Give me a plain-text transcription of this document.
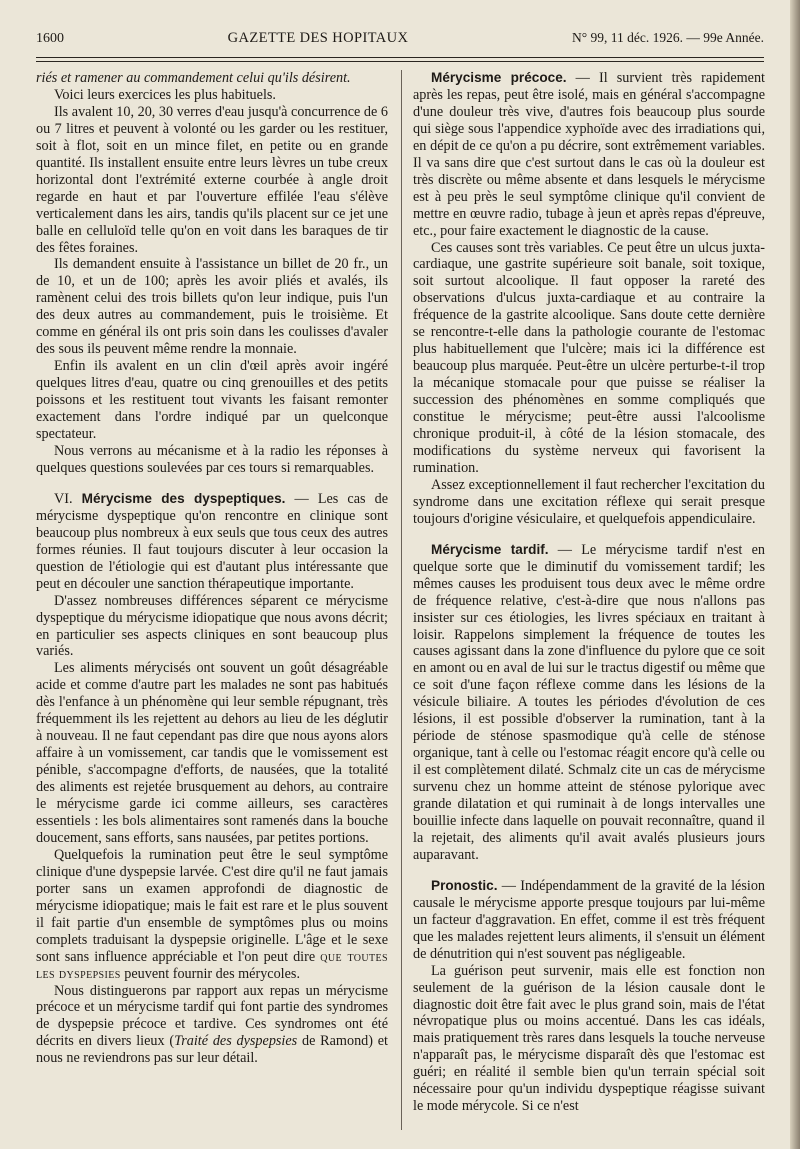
1600	GAZETTE DES HOPITAUX	N° 99, 11 déc. 1926. — 99e Année.

riés et ramener au commandement celui qu'ils désirent.

Voici leurs exercices les plus habituels.

Ils avalent 10, 20, 30 verres d'eau jusqu'à concurrence de 6 ou 7 litres et peuvent à volonté ou les garder ou les restituer, soit à flot, soit en un mince filet, en petite ou en grande quantité. Ils installent ensuite entre leurs lèvres un tube creux horizontal dont l'extrémité externe courbée à angle droit regarde en haut et par l'ouverture effilée l'eau s'élève verticalement dans les airs, tandis qu'ils placent sur ce jet une balle en celluloïd telle qu'on en voit dans les baraques de tir des fêtes foraines.

Ils demandent ensuite à l'assistance un billet de 20 fr., un de 10, et un de 100; après les avoir pliés et avalés, ils ramènent celui des trois billets qu'on leur indique, puis l'un des deux autres au commandement, puis le troisième. Et comme en général ils ont pris soin dans les coulisses d'avaler des sous ils peuvent même rendre la monnaie.

Enfin ils avalent en un clin d'œil après avoir ingéré quelques litres d'eau, quatre ou cinq grenouilles et des petits poissons et les restituent tout vivants les faisant remonter exactement dans l'ordre indiqué par un quelconque spectateur.

Nous verrons au mécanisme et à la radio les réponses à quelques questions soulevées par ces tours si remarquables.

VI. Mérycisme des dyspeptiques. — Les cas de mérycisme dyspeptique qu'on rencontre en clinique sont beaucoup plus nombreux à eux seuls que tous ceux des autres formes réunies. Il faut toujours discuter à leur occasion la question de l'étiologie qui est d'autant plus intéressante que peut en découler une sanction thérapeutique importante.

D'assez nombreuses différences séparent ce mérycisme dyspeptique du mérycisme idiopatique que nous avons décrit; en particulier ses aspects cliniques en sont beaucoup plus variés.

Les aliments mérycisés ont souvent un goût désagréable acide et comme d'autre part les malades ne sont pas habitués dès l'enfance à un phénomène qui leur semble répugnant, très fréquemment ils les rejettent au dehors au lieu de les déglutir à nouveau. Il ne faut cependant pas dire que nous ayons alors affaire à un vomissement, car tandis que le vomissement est pénible, s'accompagne d'efforts, de nausées, que la totalité des aliments est rejetée brusquement au dehors, au contraire le mérycisme garde ici comme ailleurs, ses caractères essentiels : les bols alimentaires sont ramenés dans la bouche doucement, sans efforts, sans nausées, par petites portions.

Quelquefois la rumination peut être le seul symptôme clinique d'une dyspepsie larvée. C'est dire qu'il ne faut jamais porter sans un examen approfondi de diagnostic de mérycisme idiopatique; mais le fait est rare et le plus souvent il fait partie d'un ensemble de symptômes plus ou moins complets traduisant la dyspepsie originelle. L'âge et le sexe sont sans influence appréciable et l'on peut dire que toutes les dyspepsies peuvent fournir des mérycoles.

Nous distinguerons par rapport aux repas un mérycisme précoce et un mérycisme tardif qui font partie des syndromes de dyspepsie précoce et tardive. Ces syndromes ont été décrits en divers lieux (Traité des dyspepsies de Ramond) et nous ne reviendrons pas sur leur détail.

Mérycisme précoce. — Il survient très rapidement après les repas, peut être isolé, mais en général s'accompagne d'une douleur très vive, d'autres fois beaucoup plus sourde qui siège sous l'appendice xyphoïde avec des irradiations qui, en dépit de ce qu'on a pu décrire, sont extrêmement variables. Il va sans dire que c'est surtout dans le cas où la douleur est très discrète ou même absente et dans lesquels le mérycisme est à peu près le seul symptôme clinique qu'il convient de mettre en œuvre radio, tubage à jeun et après repas d'épreuve, etc., pour faire exactement le diagnostic de la cause.

Ces causes sont très variables. Ce peut être un ulcus juxta-cardiaque, une gastrite supérieure soit banale, soit toxique, soit surtout alcoolique. Il faut opposer la rareté des observations d'ulcus juxta-cardiaque et au contraire la fréquence de la gastrite alcoolique. Sans doute cette dernière se rencontre-t-elle dans la pathologie courante de l'estomac plus habituellement que l'ulcère; mais ici la différence est beaucoup plus marquée. Peut-être un ulcère perturbe-t-il trop la mécanique stomacale pour que puisse se réaliser la succession des phénomènes en somme compliqués que constitue le mérycisme; peut-être aussi l'alcoolisme chronique produit-il, à côté de la lésion stomacale, des modifications du système nerveux qui favorisent la rumination.

Assez exceptionnellement il faut rechercher l'excitation du syndrome dans une excitation réflexe qui serait presque toujours d'origine vésiculaire, et quelquefois appendiculaire.

Mérycisme tardif. — Le mérycisme tardif n'est en quelque sorte que le diminutif du vomissement tardif; les mêmes causes les produisent tous deux avec le même ordre de fréquence relative, c'est-à-dire que nous n'allons pas insister sur ces étiologies, les livres spéciaux en traitant à loisir. Rappelons simplement la fréquence de toutes les causes agissant dans la zone d'influence du pylore que ce soit en amont ou en aval de lui sur le tractus digestif ou même que ce soit d'une façon réflexe comme dans les lésions de la vésicule biliaire. A toutes les périodes d'évolution de ces lésions, il est possible d'observer la rumination, tant à la période de sténose spasmodique qu'à celle de sténose organique, tant à celle ou l'estomac réagit encore qu'à celle ou il est complètement dilaté. Schmalz cite un cas de mérycisme survenu chez un homme atteint de sténose pylorique avec grande dilatation et qui ruminait à de longs intervalles une bouillie infecte dans laquelle on pouvait reconnaître, quand il la rejetait, des aliments qu'il avait avalés plusieurs jours auparavant.

Pronostic. — Indépendamment de la gravité de la lésion causale le mérycisme apporte presque toujours par lui-même un facteur d'aggravation. En effet, comme il est très fréquent que les malades rejettent leurs aliments, il s'ensuit un élément de dénutrition qui n'est souvent pas négligeable.

La guérison peut survenir, mais elle est fonction non seulement de la guérison de la lésion causale dont le diagnostic doit être fait avec le plus grand soin, mais de l'état névropatique plus ou moins accentué. Dans les cas idéals, mais pratiquement très rares dans lesquels la touche nerveuse n'apparaît pas, le mérycisme disparaît dès que l'estomac est guéri; en réalité il semble bien qu'un terrain spécial soit nécessaire pour qu'un individu dyspeptique réagisse suivant le mode mérycole. Si ce n'est
